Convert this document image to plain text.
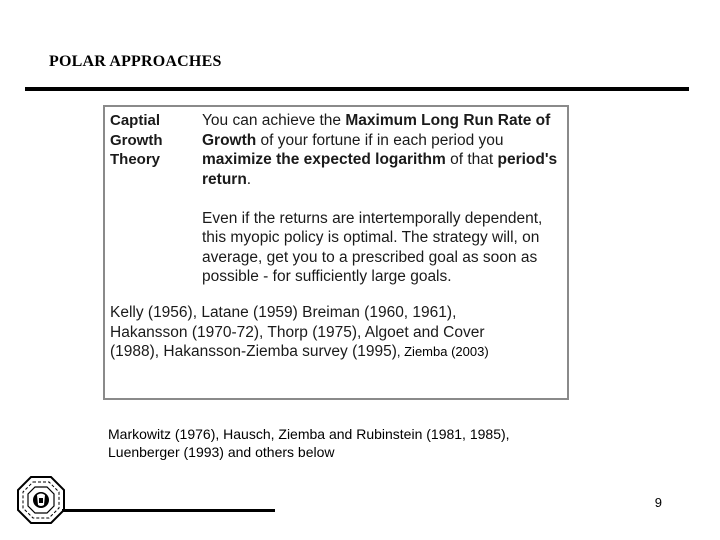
POLAR APPROACHES
Captial
Growth
Theory

You can achieve the Maximum Long Run Rate of Growth of your fortune if in each period you maximize the expected logarithm of that period's return.

Even if the returns are intertemporally dependent, this myopic policy is optimal. The strategy will, on average, get you to a prescribed goal as soon as possible - for sufficiently large goals.

Kelly (1956), Latane (1959) Breiman (1960, 1961),
Hakansson (1970-72), Thorp (1975), Algoet and Cover
(1988), Hakansson-Ziemba survey (1995), Ziemba (2003)
Markowitz (1976), Hausch, Ziemba and Rubinstein (1981, 1985), Luenberger (1993) and others below
9
